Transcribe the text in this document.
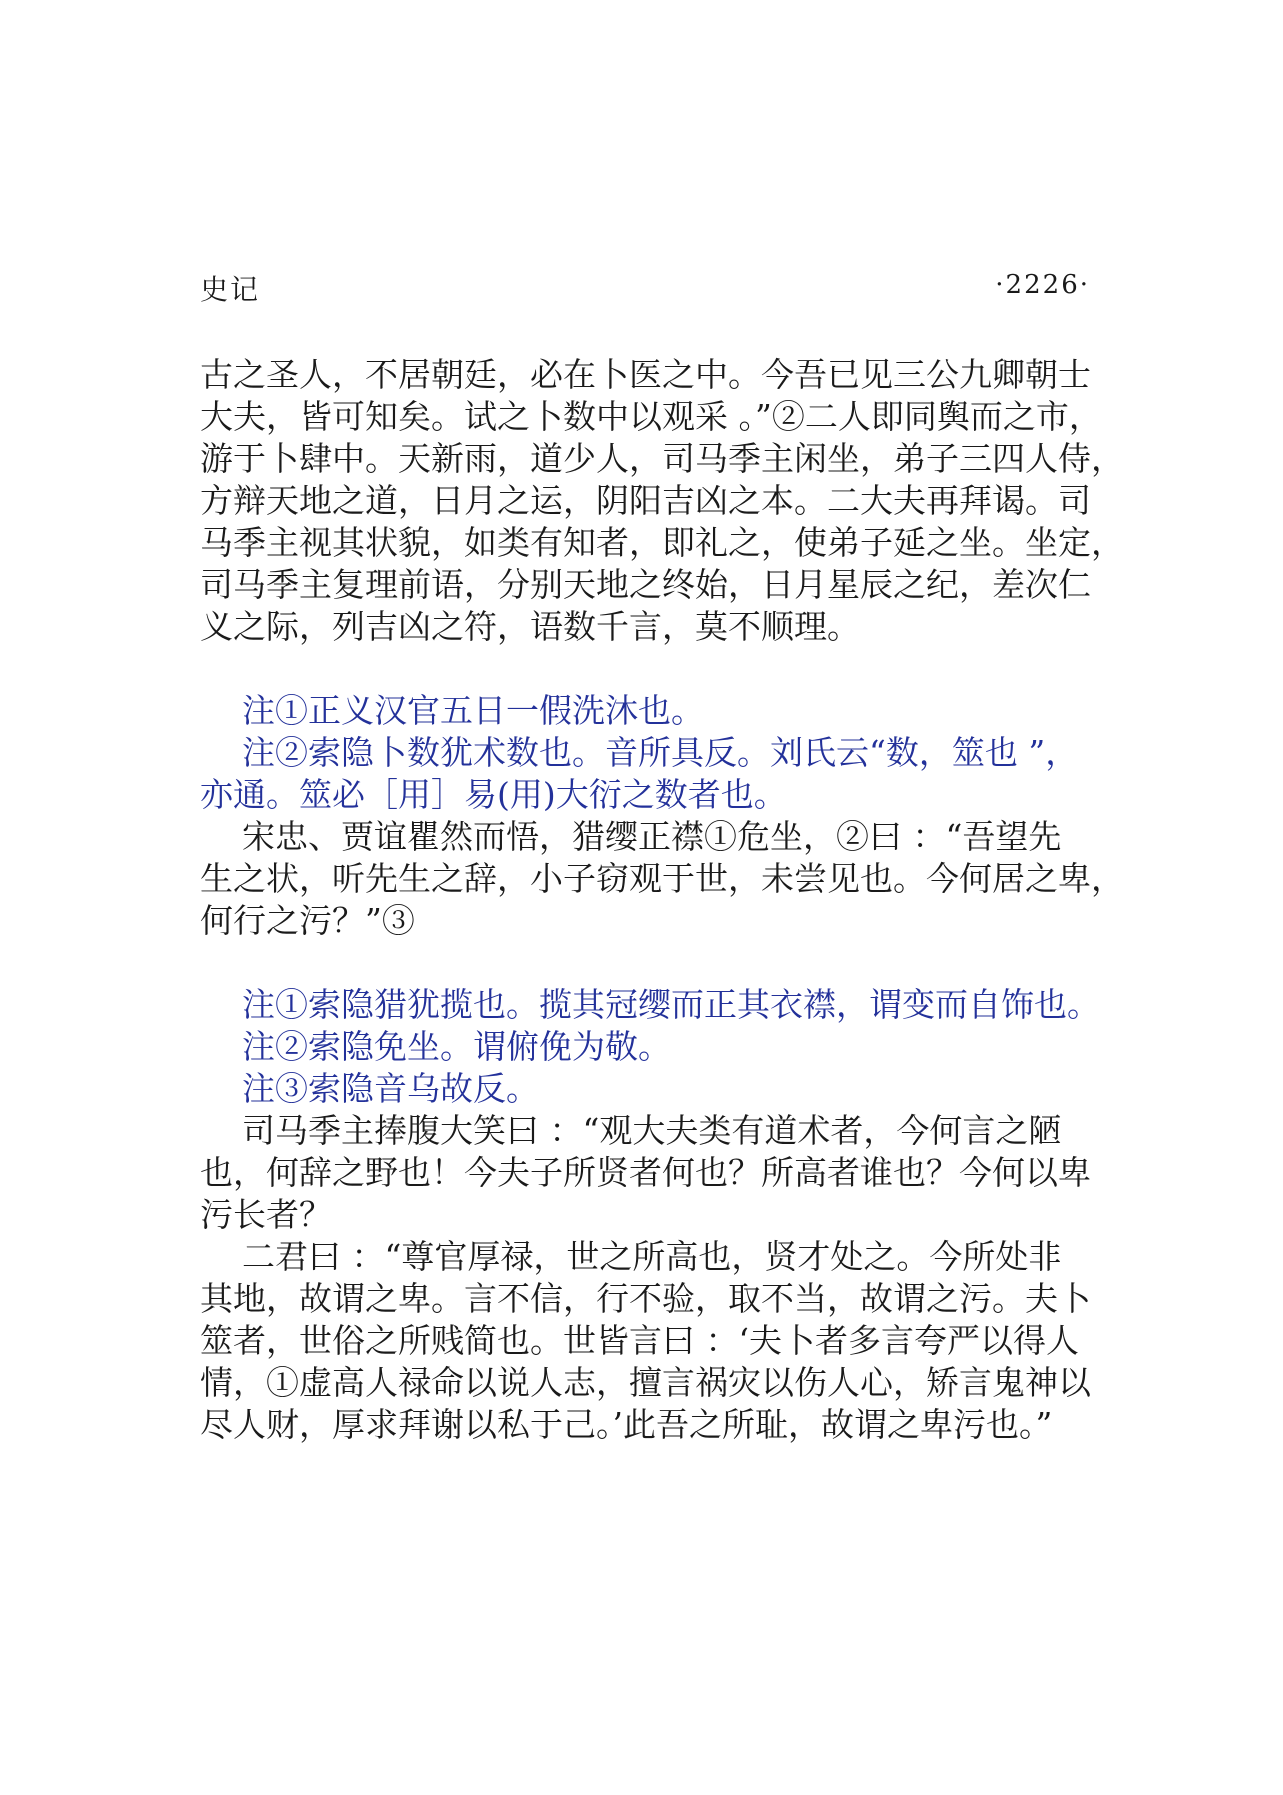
史记	·2226·
古之圣人，不居朝廷，必在卜医之中。今吾已见三公九卿朝士
大夫，皆可知矣。试之卜数中以观采 。”②二人即同舆而之市，
游于卜肆中。天新雨，道少人，司马季主闲坐，弟子三四人侍，
方辩天地之道，日月之运，阴阳吉凶之本。二大夫再拜谒。司
马季主视其状貌，如类有知者，即礼之，使弟子延之坐。坐定，
司马季主复理前语，分别天地之终始，日月星辰之纪，差次仁
义之际，列吉凶之符，语数千言，莫不顺理。
注①正义汉官五日一假洗沐也。
注②索隐卜数犹术数也。音所具反。刘氏云“数，筮也 ”，
亦通。筮必［用］易(用)大衍之数者也。
宋忠、贾谊瞿然而悟，猎缨正襟①危坐，②曰 ：“吾望先
生之状，听先生之辞，小子窃观于世，未尝见也。今何居之卑，
何行之污？”③
注①索隐猎犹揽也。揽其冠缨而正其衣襟，谓变而自饰也。
注②索隐免坐。谓俯俛为敬。
注③索隐音乌故反。
司马季主捧腹大笑曰 ：“观大夫类有道术者，今何言之陋
也，何辞之野也！今夫子所贤者何也？所高者谁也？今何以卑
污长者？
二君曰 ：“尊官厚禄，世之所高也，贤才处之。今所处非
其地，故谓之卑。言不信，行不验，取不当，故谓之污。夫卜
筮者，世俗之所贱简也。世皆言曰 ：‘夫卜者多言夸严以得人
情，①虚高人禄命以说人志，擅言祸灾以伤人心，矫言鬼神以
尽人财，厚求拜谢以私于己。’此吾之所耻，故谓之卑污也。”
